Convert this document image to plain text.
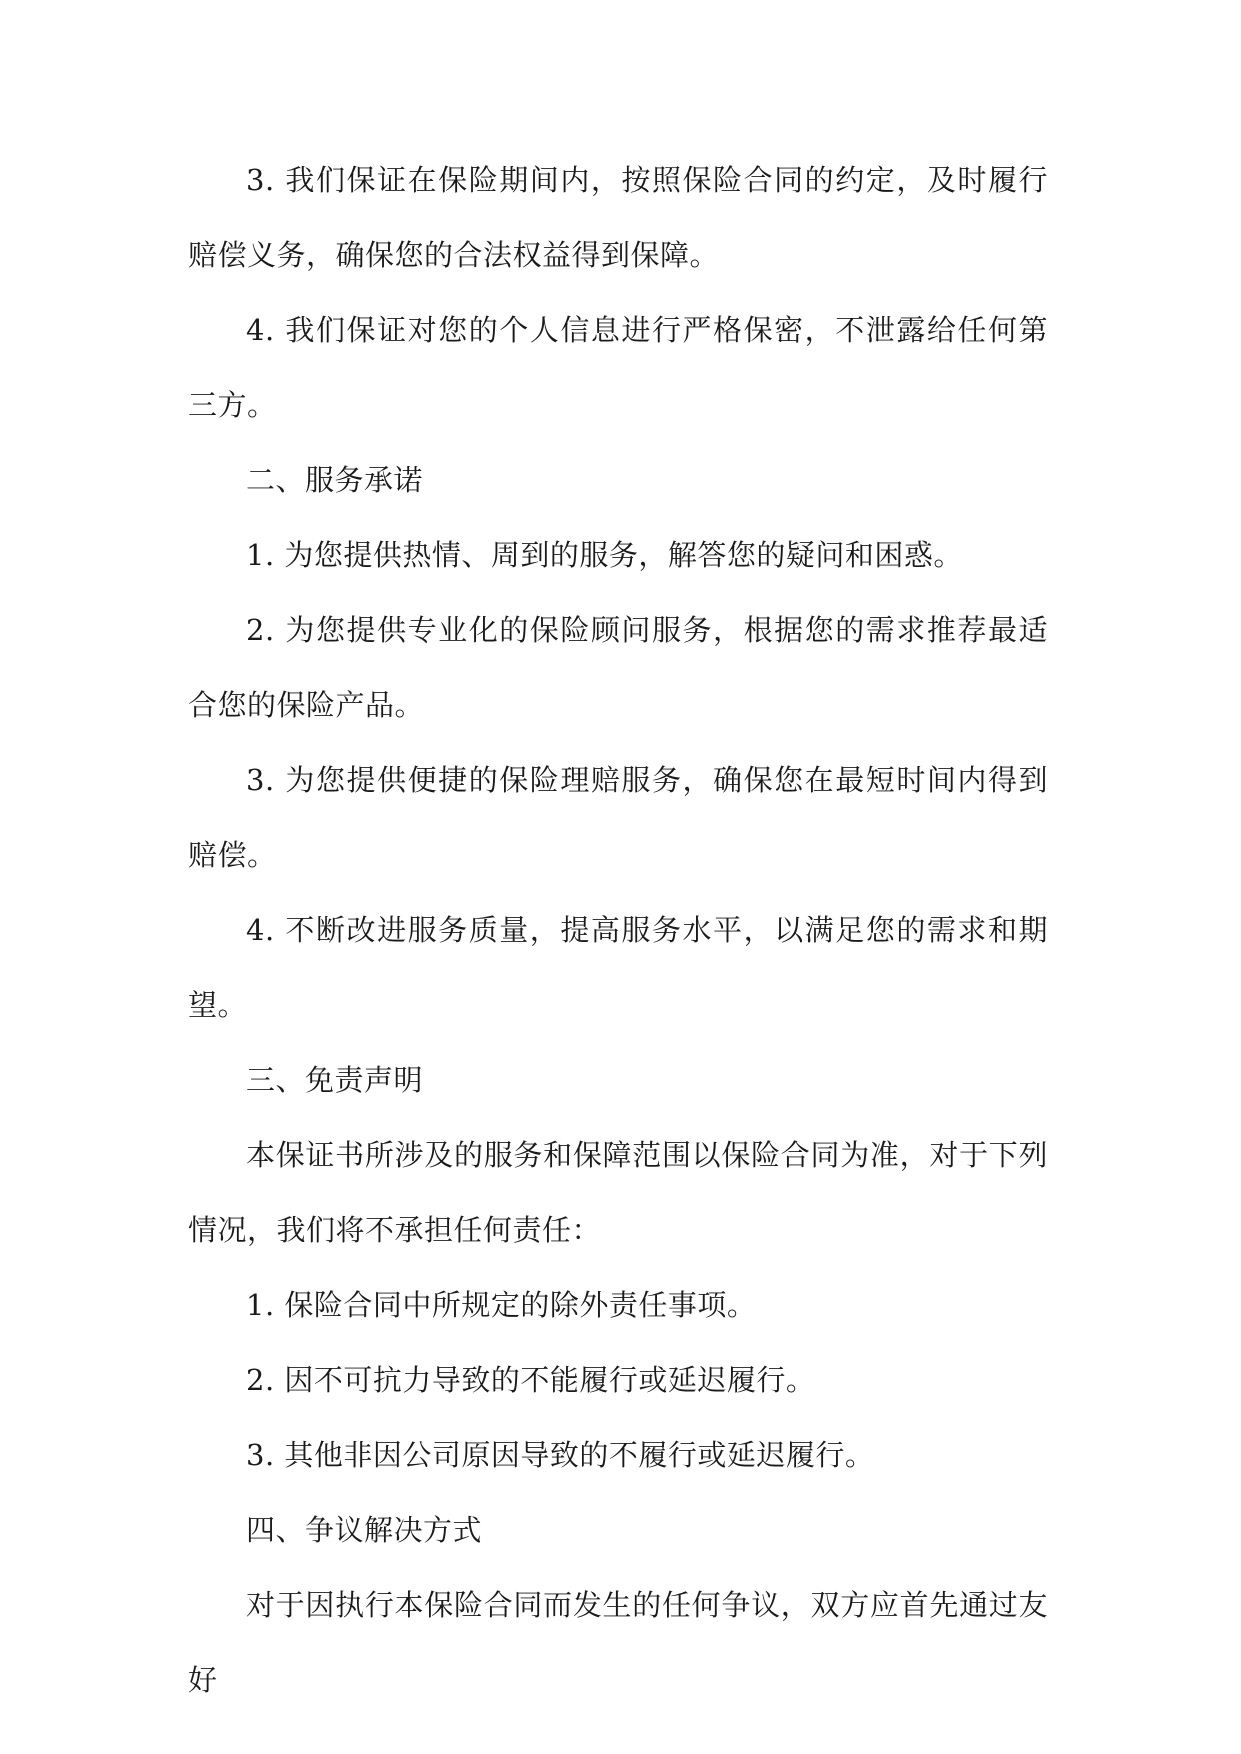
3. 我们保证在保险期间内，按照保险合同的约定，及时履行赔偿义务，确保您的合法权益得到保障。

4. 我们保证对您的个人信息进行严格保密，不泄露给任何第三方。

二、服务承诺

1. 为您提供热情、周到的服务，解答您的疑问和困惑。

2. 为您提供专业化的保险顾问服务，根据您的需求推荐最适合您的保险产品。

3. 为您提供便捷的保险理赔服务，确保您在最短时间内得到赔偿。

4. 不断改进服务质量，提高服务水平，以满足您的需求和期望。

三、免责声明

本保证书所涉及的服务和保障范围以保险合同为准，对于下列情况，我们将不承担任何责任：

1. 保险合同中所规定的除外责任事项。

2. 因不可抗力导致的不能履行或延迟履行。

3. 其他非因公司原因导致的不履行或延迟履行。

四、争议解决方式

对于因执行本保险合同而发生的任何争议，双方应首先通过友好
